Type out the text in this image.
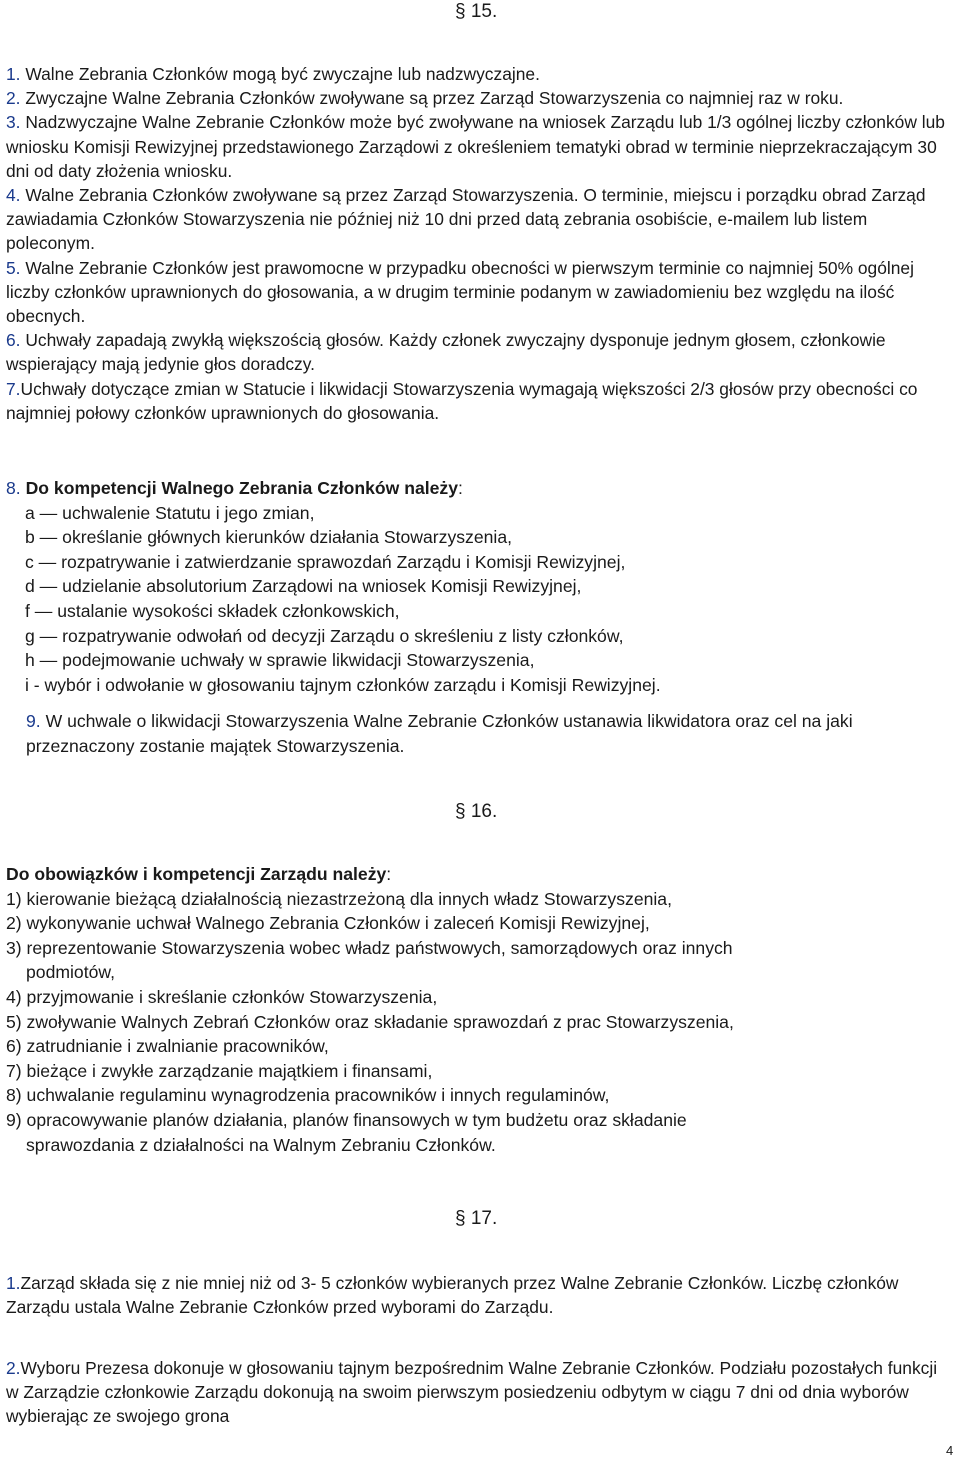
§ 15.
1. Walne Zebrania Członków mogą być zwyczajne lub nadzwyczajne.
2. Zwyczajne Walne Zebrania Członków zwoływane są przez Zarząd Stowarzyszenia co najmniej raz w roku.
3. Nadzwyczajne Walne Zebranie Członków może być zwoływane na wniosek Zarządu lub 1/3 ogólnej liczby członków lub wniosku Komisji Rewizyjnej przedstawionego Zarządowi z określeniem tematyki obrad w terminie nieprzekraczającym 30 dni od daty złożenia wniosku.
4. Walne Zebrania Członków zwoływane są przez Zarząd Stowarzyszenia. O terminie, miejscu i porządku obrad Zarząd zawiadamia Członków Stowarzyszenia nie później niż 10 dni przed datą zebrania osobiście, e-mailem lub listem poleconym.
5. Walne Zebranie Członków jest prawomocne w przypadku obecności w pierwszym terminie co najmniej 50% ogólnej liczby członków uprawnionych do głosowania, a w drugim terminie podanym w zawiadomieniu bez względu na ilość obecnych.
6. Uchwały zapadają zwykłą większością głosów. Każdy członek zwyczajny dysponuje jednym głosem, członkowie wspierający mają jedynie głos doradczy.
7.Uchwały dotyczące zmian w Statucie i likwidacji Stowarzyszenia wymagają większości 2/3 głosów przy obecności co najmniej połowy członków uprawnionych do głosowania.
8. Do kompetencji Walnego Zebrania Członków należy:
a — uchwalenie Statutu i jego zmian,
b — określanie głównych kierunków działania Stowarzyszenia,
c — rozpatrywanie i zatwierdzanie sprawozdań Zarządu i Komisji Rewizyjnej,
d — udzielanie absolutorium Zarządowi na wniosek Komisji Rewizyjnej,
f — ustalanie wysokości składek członkowskich,
g — rozpatrywanie odwołań od decyzji Zarządu o skreśleniu z listy członków,
h — podejmowanie uchwały w sprawie likwidacji Stowarzyszenia,
i - wybór i odwołanie w głosowaniu tajnym członków zarządu i Komisji Rewizyjnej.
9. W uchwale o likwidacji Stowarzyszenia Walne Zebranie Członków ustanawia likwidatora oraz cel na jaki przeznaczony zostanie majątek Stowarzyszenia.
§ 16.
Do obowiązków i kompetencji Zarządu należy:
1) kierowanie bieżącą działalnością niezastrzeżoną dla innych władz Stowarzyszenia,
2) wykonywanie uchwał Walnego Zebrania Członków i zaleceń Komisji Rewizyjnej,
3) reprezentowanie Stowarzyszenia wobec władz państwowych, samorządowych oraz innych
podmiotów,
4) przyjmowanie i skreślanie członków Stowarzyszenia,
5) zwoływanie Walnych Zebrań Członków oraz składanie sprawozdań z prac Stowarzyszenia,
6) zatrudnianie i zwalnianie pracowników,
7) bieżące i zwykłe zarządzanie majątkiem i finansami,
8) uchwalanie regulaminu wynagrodzenia pracowników i innych regulaminów,
9) opracowywanie planów działania, planów finansowych w tym budżetu oraz składanie
sprawozdania z działalności na Walnym Zebraniu Członków.
§ 17.
1.Zarząd składa się z nie mniej niż od 3- 5 członków wybieranych przez Walne Zebranie Członków. Liczbę członków Zarządu ustala Walne Zebranie Członków przed wyborami do Zarządu.
2.Wyboru Prezesa dokonuje w głosowaniu tajnym bezpośrednim Walne Zebranie Członków. Podziału pozostałych funkcji w Zarządzie członkowie Zarządu dokonują na swoim pierwszym posiedzeniu odbytym w ciągu 7 dni od dnia wyborów wybierając ze swojego grona
4
